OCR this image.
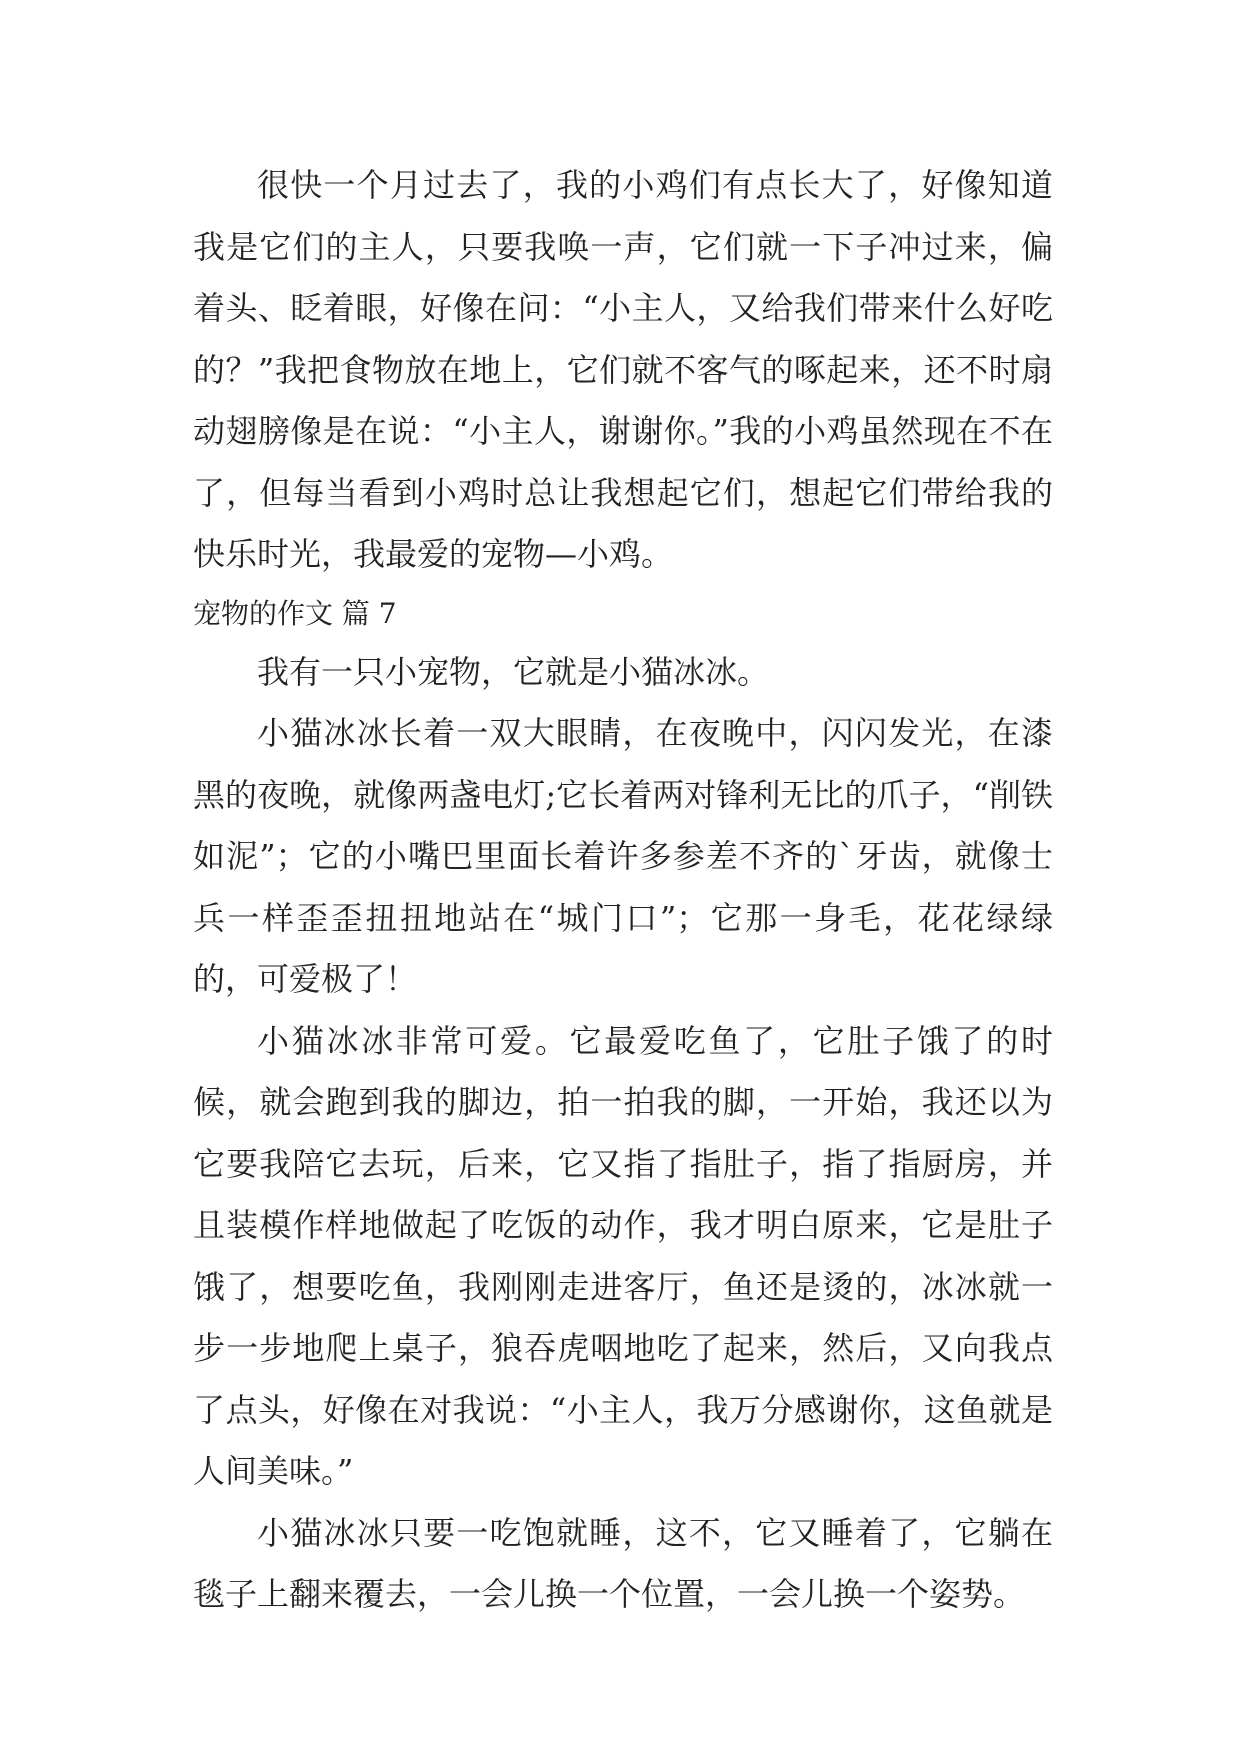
很快一个月过去了，我的小鸡们有点长大了，好像知道我是它们的主人，只要我唤一声，它们就一下子冲过来，偏着头、眨着眼，好像在问：“小主人，又给我们带来什么好吃的？”我把食物放在地上，它们就不客气的啄起来，还不时扇动翅膀像是在说：“小主人，谢谢你。”我的小鸡虽然现在不在了，但每当看到小鸡时总让我想起它们，想起它们带给我的快乐时光，我最爱的宠物—小鸡。

宠物的作文 篇 7

我有一只小宠物，它就是小猫冰冰。

小猫冰冰长着一双大眼睛，在夜晚中，闪闪发光，在漆黑的夜晚，就像两盏电灯;它长着两对锋利无比的爪子，“削铁如泥”；它的小嘴巴里面长着许多参差不齐的`牙齿，就像士兵一样歪歪扭扭地站在“城门口”；它那一身毛，花花绿绿的，可爱极了！

小猫冰冰非常可爱。它最爱吃鱼了，它肚子饿了的时候，就会跑到我的脚边，拍一拍我的脚，一开始，我还以为它要我陪它去玩，后来，它又指了指肚子，指了指厨房，并且装模作样地做起了吃饭的动作，我才明白原来，它是肚子饿了，想要吃鱼，我刚刚走进客厅，鱼还是烫的，冰冰就一步一步地爬上桌子，狼吞虎咽地吃了起来，然后，又向我点了点头，好像在对我说：“小主人，我万分感谢你，这鱼就是人间美味。”

小猫冰冰只要一吃饱就睡，这不，它又睡着了，它躺在毯子上翻来覆去，一会儿换一个位置，一会儿换一个姿势。
